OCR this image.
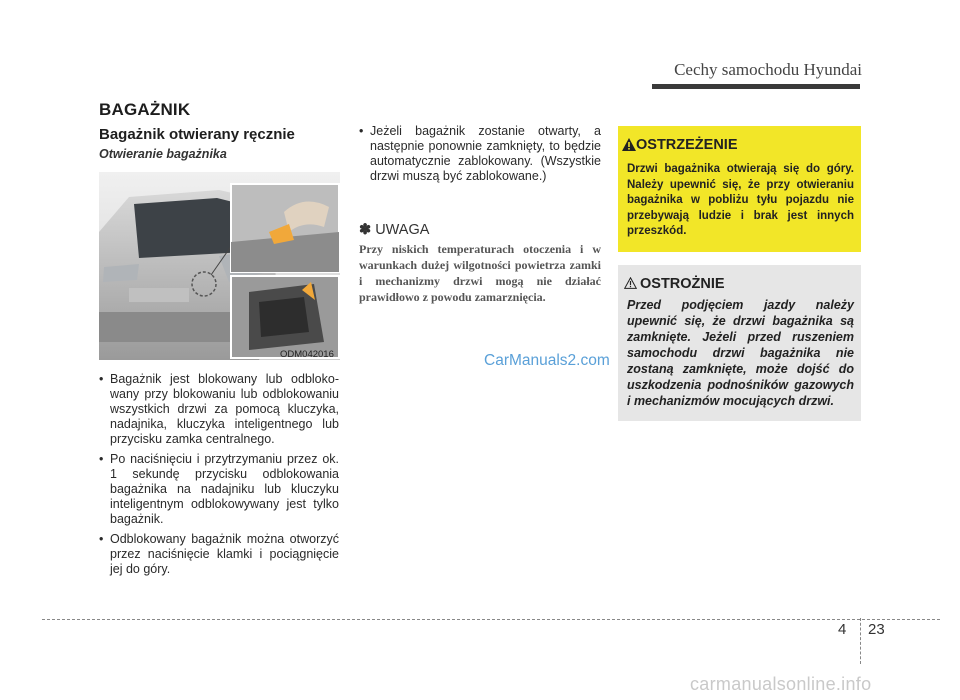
Cechy samochodu Hyundai
BAGAŻNIK
Bagażnik otwierany ręcznie
Otwieranie bagażnika
ODM042016
• Bagażnik jest blokowany lub odblokowany przy blokowaniu lub odblokowaniu wszystkich drzwi za pomocą kluczyka, nadajnika, kluczyka inteligentnego lub przycisku zamka centralnego.
• Po naciśnięciu i przytrzymaniu przez ok. 1 sekundę przycisku odblokowania bagażnika na nadajniku lub kluczyku inteligentnym odblokowywany jest tylko bagażnik.
• Odblokowany bagażnik można otworzyć przez naciśnięcie klamki i pociągnięcie jej do góry.
• Jeżeli bagażnik zostanie otwarty, a następnie ponownie zamknięty, to będzie automatycznie zablokowany. (Wszystkie drzwi muszą być zablokowane.)
✽ UWAGA
Przy niskich temperaturach otoczenia i w warunkach dużej wilgotności powietrza zamki i mechanizmy drzwi mogą nie działać prawidłowo z powodu zamarznięcia.
OSTRZEŻENIE
Drzwi bagażnika otwierają się do góry. Należy upewnić się, że przy otwieraniu bagażnika w pobliżu tyłu pojazdu nie przebywają ludzie i brak jest innych przeszkód.
OSTROŻNIE
Przed podjęciem jazdy należy upewnić się, że drzwi bagażnika są zamknięte. Jeżeli przed ruszeniem samochodu drzwi bagażnika nie zostaną zamknięte, może dojść do uszkodzenia podnośników gazowych i mechanizmów mocujących drzwi.
CarManuals2.com
4 23
carmanualsonline.info
